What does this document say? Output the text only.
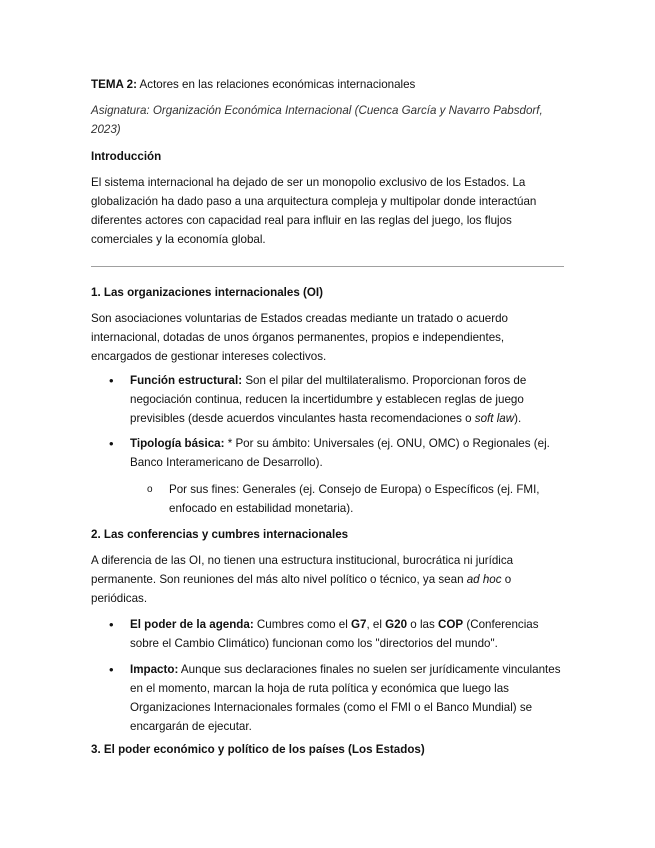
TEMA 2: Actores en las relaciones económicas internacionales

Asignatura: Organización Económica Internacional (Cuenca García y Navarro Pabsdorf, 2023)

Introducción

El sistema internacional ha dejado de ser un monopolio exclusivo de los Estados. La globalización ha dado paso a una arquitectura compleja y multipolar donde interactúan diferentes actores con capacidad real para influir en las reglas del juego, los flujos comerciales y la economía global.

1. Las organizaciones internacionales (OI)

Son asociaciones voluntarias de Estados creadas mediante un tratado o acuerdo internacional, dotadas de unos órganos permanentes, propios e independientes, encargados de gestionar intereses colectivos.

• Función estructural: Son el pilar del multilateralismo. Proporcionan foros de negociación continua, reducen la incertidumbre y establecen reglas de juego previsibles (desde acuerdos vinculantes hasta recomendaciones o soft law).
• Tipología básica: * Por su ámbito: Universales (ej. ONU, OMC) o Regionales (ej. Banco Interamericano de Desarrollo).
o Por sus fines: Generales (ej. Consejo de Europa) o Específicos (ej. FMI, enfocado en estabilidad monetaria).

2. Las conferencias y cumbres internacionales

A diferencia de las OI, no tienen una estructura institucional, burocrática ni jurídica permanente. Son reuniones del más alto nivel político o técnico, ya sean ad hoc o periódicas.

• El poder de la agenda: Cumbres como el G7, el G20 o las COP (Conferencias sobre el Cambio Climático) funcionan como los "directorios del mundo".
• Impacto: Aunque sus declaraciones finales no suelen ser jurídicamente vinculantes en el momento, marcan la hoja de ruta política y económica que luego las Organizaciones Internacionales formales (como el FMI o el Banco Mundial) se encargarán de ejecutar.

3. El poder económico y político de los países (Los Estados)
